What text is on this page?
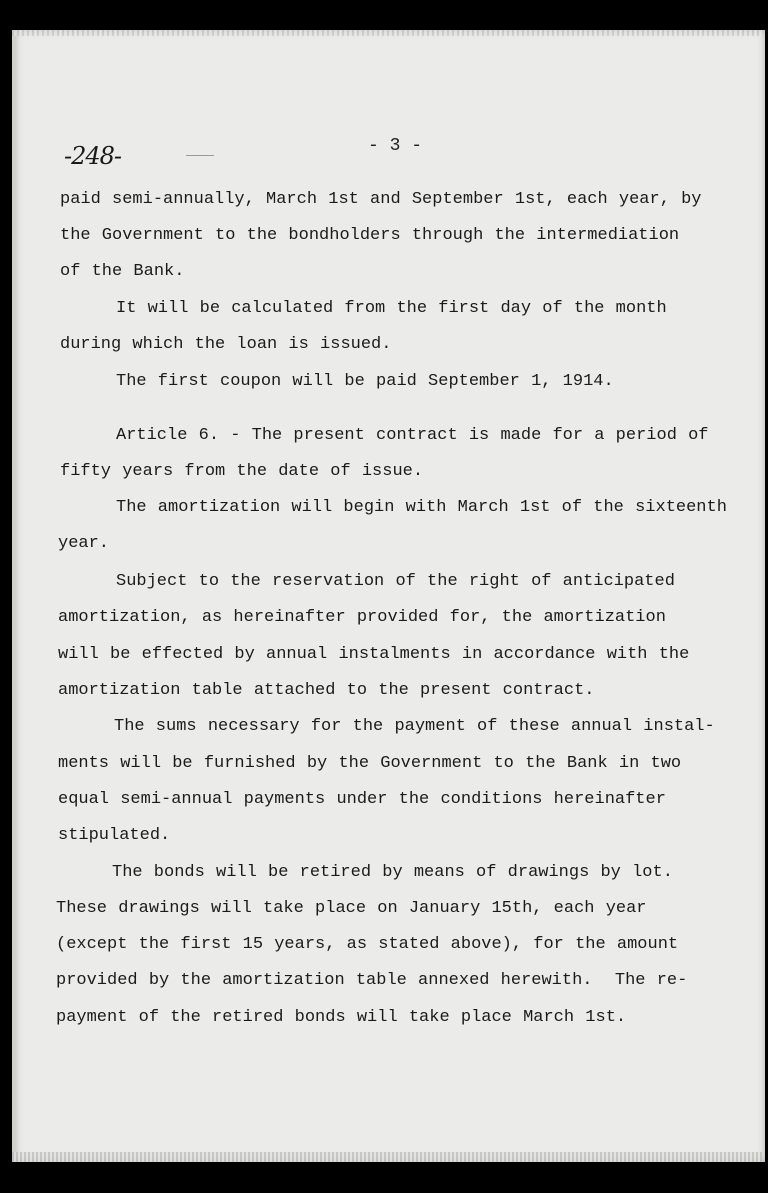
-248-	- 3 -
paid semi-annually, March 1st and September 1st, each year, by
the Government to the bondholders through the intermediation
of the Bank.
It will be calculated from the first day of the month
during which the loan is issued.
The first coupon will be paid September 1, 1914.
Article 6. - The present contract is made for a period of
fifty years from the date of issue.
The amortization will begin with March 1st of the sixteenth
year.
Subject to the reservation of the right of anticipated
amortization, as hereinafter provided for, the amortization
will be effected by annual instalments in accordance with the
amortization table attached to the present contract.
The sums necessary for the payment of these annual instal-
ments will be furnished by the Government to the Bank in two
equal semi-annual payments under the conditions hereinafter
stipulated.
The bonds will be retired by means of drawings by lot.
These drawings will take place on January 15th, each year
(except the first 15 years, as stated above), for the amount
provided by the amortization table annexed herewith.  The re-
payment of the retired bonds will take place March 1st.
